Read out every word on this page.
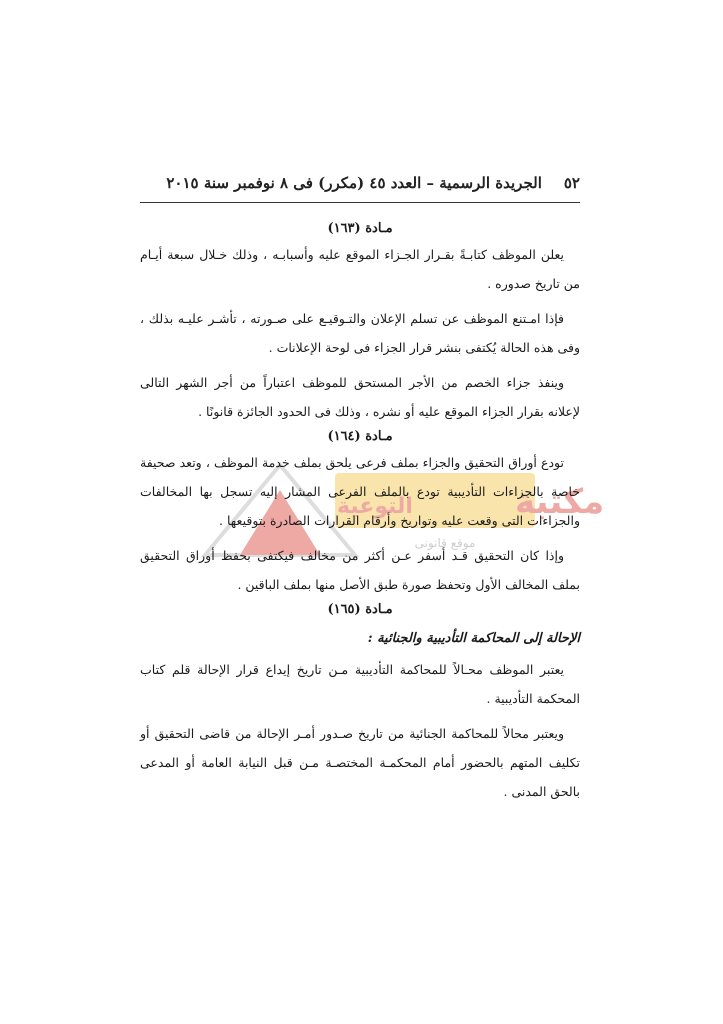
٥٢
الجريدة الرسمية – العدد ٤٥ (مكرر) فى ٨ نوفمبر سنة ٢٠١٥
مكتبة
التوعية
موقع قانونى

مـادة (١٦٣)

يعلن الموظف كتابـةً بقـرار الجـزاء الموقع عليه وأسبابـه ، وذلك خـلال سبعة أيـام من تاريخ صدوره .

فإذا امـتنع الموظف عن تسلم الإعلان والتـوقيـع على صـورته ، تأشـر عليـه بذلك ، وفى هذه الحالة يُكتفى بنشر قرار الجزاء فى لوحة الإعلانات .

وينفذ جزاء الخصم من الأجر المستحق للموظف اعتباراً من أجر الشهر التالى لإعلانه بقرار الجزاء الموقع عليه أو نشره ، وذلك فى الحدود الجائزة قانونًا .

مـادة (١٦٤)

تودع أوراق التحقيق والجزاء بملف فرعى يلحق بملف خدمة الموظف ، وتعد صحيفة خاصة بالجزاءات التأديبية تودع بالملف الفرعى المشار إليه تسجل بها المخالفات والجزاءات التى وقعت عليه وتواريخ وأرقام القرارات الصادرة بتوقيعها .

وإذا كان التحقيق قـد أسفر عـن أكثر من مخالف فيكتفى بحفظ أوراق التحقيق بملف المخالف الأول وتحفظ صورة طبق الأصل منها بملف الباقين .

مـادة (١٦٥)

الإحالة إلى المحاكمة التأديبية والجنائية :

يعتبر الموظف محـالاً للمحاكمة التأديبية مـن تاريخ إيداع قرار الإحالة قلم كتاب المحكمة التأديبية .

ويعتبر محالاً للمحاكمة الجنائية من تاريخ صـدور أمـر الإحالة من قاضى التحقيق أو تكليف المتهم بالحضور أمام المحكمـة المختصـة مـن قبل النيابة العامة أو المدعى بالحق المدنى .
